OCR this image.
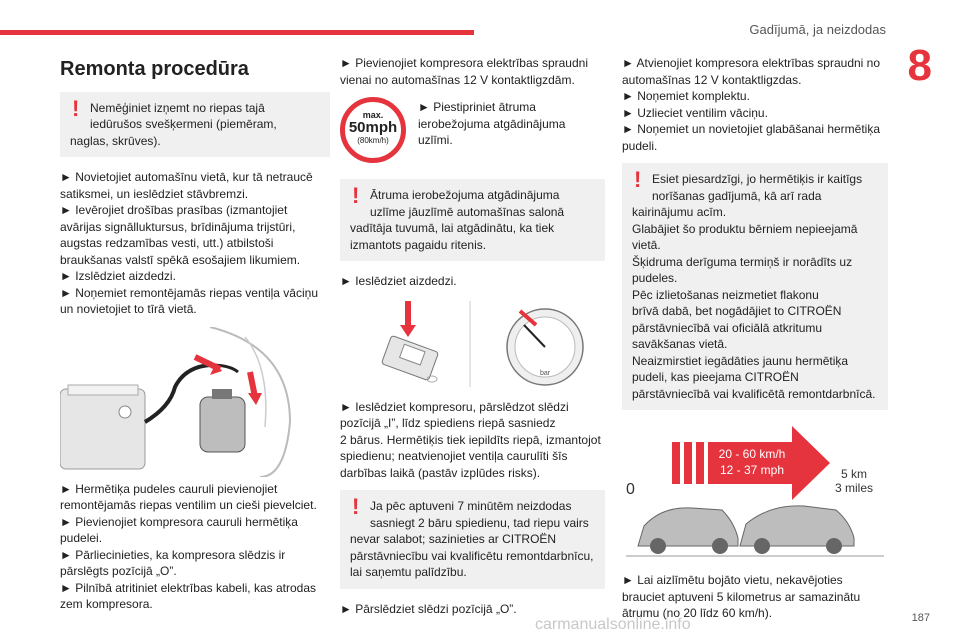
Gadījumā, ja neizdodas
8
Remonta procedūra
! Nemēģiniet izņemt no riepas tajā
iedūrušos svešķermeni (piemēram,
naglas, skrūves).

► Novietojiet automašīnu vietā, kur tā netraucē
satiksmei, un ieslēdziet stāvbremzi.
► Ievērojiet drošības prasības (izmantojiet
avārijas signālluktursus, brīdinājuma trijstūri,
augstas redzamības vesti, utt.) atbilstoši
braukšanas valstī spēkā esošajiem likumiem.
► Izslēdziet aizdedzi.
► Noņemiet remontējamās riepas ventiļa vāciņu
un novietojiet to tīrā vietā.

► Hermētiķa pudeles cauruli pievienojiet
remontējamās riepas ventilim un cieši pievelciet.
► Pievienojiet kompresora cauruli hermētiķa
pudelei.
► Pārliecinieties, ka kompresora slēdzis ir
pārslēgts pozīcijā „O”.
► Pilnībā atritiniet elektrības kabeli, kas atrodas
zem kompresora.

► Pievienojiet kompresora elektrības spraudni
vienai no automašīnas 12 V kontaktligzdām.

max.
50mph
(80km/h)
► Piestipriniet ātruma
ierobežojuma atgādinājuma
uzlīmi.
! Ātruma ierobežojuma atgādinājuma
uzlīme jāuzlīmē automašīnas salonā
vadītāja tuvumā, lai atgādinātu, ka tiek
izmantots pagaidu ritenis.

► Ieslēdziet aizdedzi.

bar

► Ieslēdziet kompresoru, pārslēdzot slēdzi
pozīcijā „I”, līdz spiediens riepā sasniedz
2 bārus. Hermētiķis tiek iepildīts riepā, izmantojot
spiedienu; neatvienojiet ventiļa caurulīti šīs
darbības laikā (pastāv izplūdes risks).

! Ja pēc aptuveni 7 minūtēm neizdodas
sasniegt 2 bāru spiedienu, tad riepu vairs
nevar salabot; sazinieties ar CITROËN
pārstāvniecību vai kvalificētu remontdarbnīcu,
lai saņemtu palīdzību.

► Pārslēdziet slēdzi pozīcijā „O”.

► Atvienojiet kompresora elektrības spraudni no
automašīnas 12 V kontaktligzdas.
► Noņemiet komplektu.
► Uzlieciet ventilim vāciņu.
► Noņemiet un novietojiet glabāšanai hermētiķa
pudeli.

! Esiet piesardzīgi, jo hermētiķis ir kaitīgs
norīšanas gadījumā, kā arī rada
kairinājumu acīm.
Glabājiet šo produktu bērniem nepieejamā
vietā.
Šķidruma derīguma termiņš ir norādīts uz
pudeles.
Pēc izlietošanas neizmetiet flakonu
brīvā dabā, bet nogādājiet to CITROËN
pārstāvniecībā vai oficiālā atkritumu
savākšanas vietā.
Neaizmirstiet iegādāties jaunu hermētiķa
pudeli, kas pieejama CITROËN
pārstāvniecībā vai kvalificētā remontdarbnīcā.
20 - 60 km/h
12 - 37 mph
0
5 km
3 miles

► Lai aizlīmētu bojāto vietu, nekavējoties
brauciet aptuveni 5 kilometrus ar samazinātu
ātrumu (no 20 līdz 60 km/h).

carmanualsonline.info	187
